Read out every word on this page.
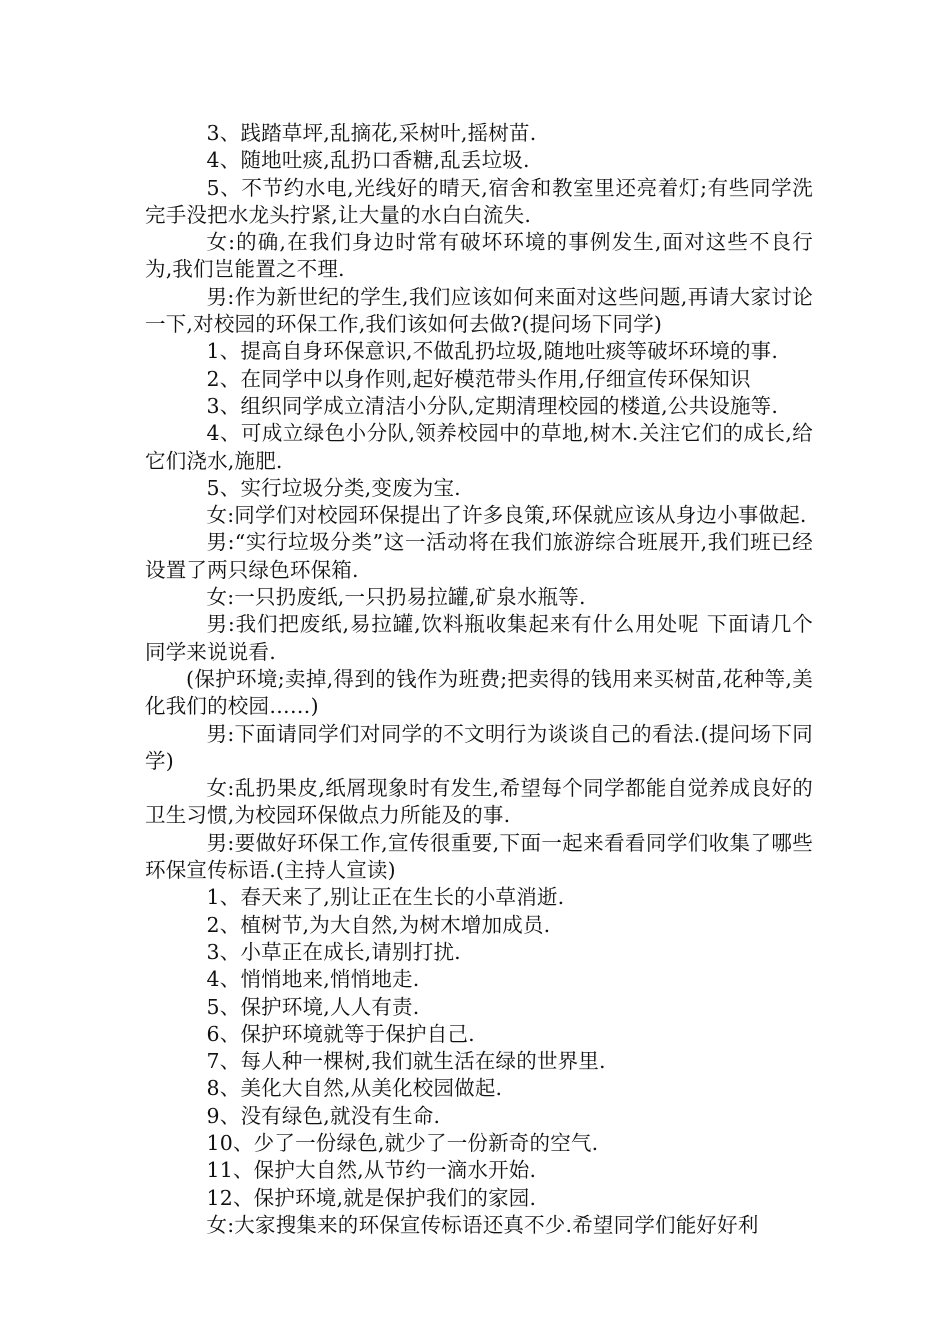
3、践踏草坪,乱摘花,采树叶,摇树苗.

4、随地吐痰,乱扔口香糖,乱丢垃圾.

5、不节约水电,光线好的晴天,宿舍和教室里还亮着灯;有些同学洗完手没把水龙头拧紧,让大量的水白白流失.

女:的确,在我们身边时常有破坏环境的事例发生,面对这些不良行为,我们岂能置之不理.

男:作为新世纪的学生,我们应该如何来面对这些问题,再请大家讨论一下,对校园的环保工作,我们该如何去做?(提问场下同学)

1、提高自身环保意识,不做乱扔垃圾,随地吐痰等破坏环境的事.

2、在同学中以身作则,起好模范带头作用,仔细宣传环保知识

3、组织同学成立清洁小分队,定期清理校园的楼道,公共设施等.

4、可成立绿色小分队,领养校园中的草地,树木.关注它们的成长,给它们浇水,施肥.

5、实行垃圾分类,变废为宝.

女:同学们对校园环保提出了许多良策,环保就应该从身边小事做起.

男:“实行垃圾分类”这一活动将在我们旅游综合班展开,我们班已经设置了两只绿色环保箱.

女:一只扔废纸,一只扔易拉罐,矿泉水瓶等.

男:我们把废纸,易拉罐,饮料瓶收集起来有什么用处呢 下面请几个同学来说说看.

(保护环境;卖掉,得到的钱作为班费;把卖得的钱用来买树苗,花种等,美化我们的校园……)

男:下面请同学们对同学的不文明行为谈谈自己的看法.(提问场下同学)

女:乱扔果皮,纸屑现象时有发生,希望每个同学都能自觉养成良好的卫生习惯,为校园环保做点力所能及的事.

男:要做好环保工作,宣传很重要,下面一起来看看同学们收集了哪些环保宣传标语.(主持人宣读)

1、春天来了,别让正在生长的小草消逝.

2、植树节,为大自然,为树木增加成员.

3、小草正在成长,请别打扰.

4、悄悄地来,悄悄地走.

5、保护环境,人人有责.

6、保护环境就等于保护自己.

7、每人种一棵树,我们就生活在绿的世界里.

8、美化大自然,从美化校园做起.

9、没有绿色,就没有生命.

10、少了一份绿色,就少了一份新奇的空气.

11、保护大自然,从节约一滴水开始.

12、保护环境,就是保护我们的家园.

女:大家搜集来的环保宣传标语还真不少.希望同学们能好好利
